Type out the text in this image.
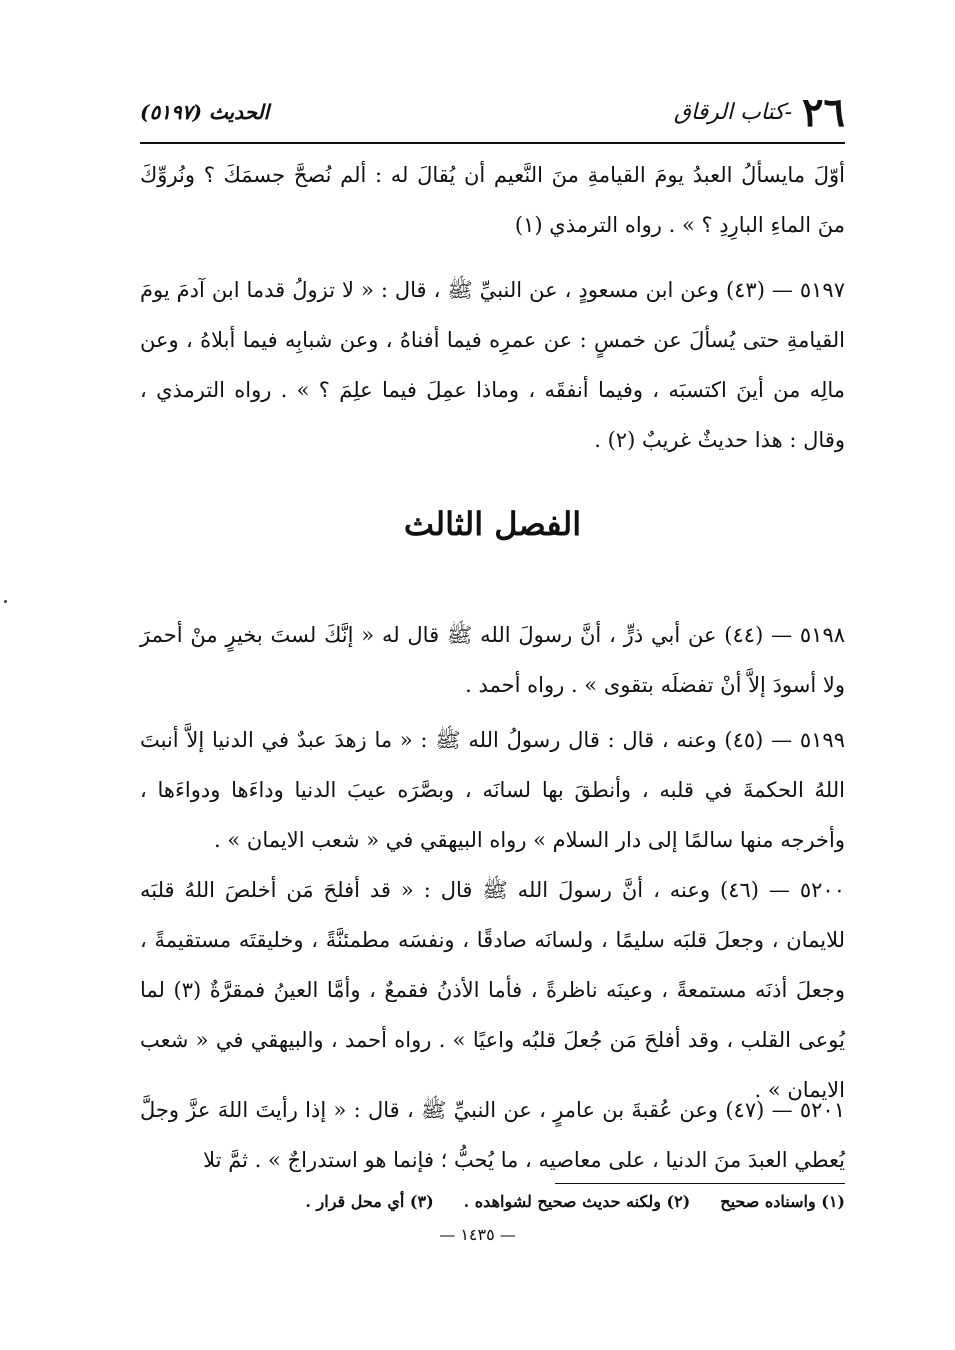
٢٦
-كتاب الرقاق
الحديث (٥١٩٧)
أوّلَ مايسألُ العبدُ يومَ القيامةِ منَ النَّعيم أن يُقالَ له : ألم نُصحَّ جسمَكَ ؟ ونُروِّكَ منَ الماءِ البارِدِ ؟ » . رواه الترمذي (١)
٥١٩٧ — (٤٣) وعن ابن مسعودٍ ، عن النبيِّ ﷺ ، قال : « لا تزولُ قدما ابن آدمَ يومَ القيامةِ حتى يُسألَ عن خمسٍ : عن عمرِه فيما أفناهُ ، وعن شبابِه فيما أبلاهُ ، وعن مالِه من أينَ اكتسبَه ، وفيما أنفقَه ، وماذا عمِلَ فيما علِمَ ؟ » . رواه الترمذي ، وقال : هذا حديثٌ غريبٌ (٢) .
الفصل الثالث
٥١٩٨ — (٤٤) عن أبي ذرٍّ ، أنَّ رسولَ الله ﷺ قال له « إنَّكَ لستَ بخيرٍ منْ أحمرَ ولا أسودَ إلاَّ أنْ تفضلَه بتقوى » . رواه أحمد .
٥١٩٩ — (٤٥) وعنه ، قال : قال رسولُ الله ﷺ : « ما زهدَ عبدٌ في الدنيا إلاَّ أنبتَ اللهُ الحكمةَ في قلبه ، وأنطقَ بها لسانَه ، وبصَّرَه عيبَ الدنيا وداءَها ودواءَها ، وأخرجه منها سالمًا إلى دار السلام » رواه البيهقي في « شعب الايمان » .
٥٢٠٠ — (٤٦) وعنه ، أنَّ رسولَ الله ﷺ قال : « قد أفلحَ مَن أخلصَ اللهُ قلبَه للايمان ، وجعلَ قلبَه سليمًا ، ولسانَه صادقًا ، ونفسَه مطمئنَّةً ، وخليقتَه مستقيمةً ، وجعلَ أذنَه مستمعةً ، وعينَه ناظرةً ، فأما الأذنُ فقمعٌ ، وأمَّا العينُ فمقرَّةٌ (٣) لما يُوعى القلب ، وقد أفلحَ مَن جُعلَ قلبُه واعيًا » . رواه أحمد ، والبيهقي في « شعب الايمان » .
٥٢٠١ — (٤٧) وعن عُقبةَ بن عامرٍ ، عن النبيِّ ﷺ ، قال : « إذا رأيتَ اللهَ عزَّ وجلَّ يُعطي العبدَ منَ الدنيا ، على معاصيه ، ما يُحبُّ ؛ فإنما هو استدراجٌ » . ثمَّ تلا
(١) واسناده صحيح
(٢) ولكنه حديث صحيح لشواهده .
(٣) أي محل قرار .
— ١٤٣٥ —
